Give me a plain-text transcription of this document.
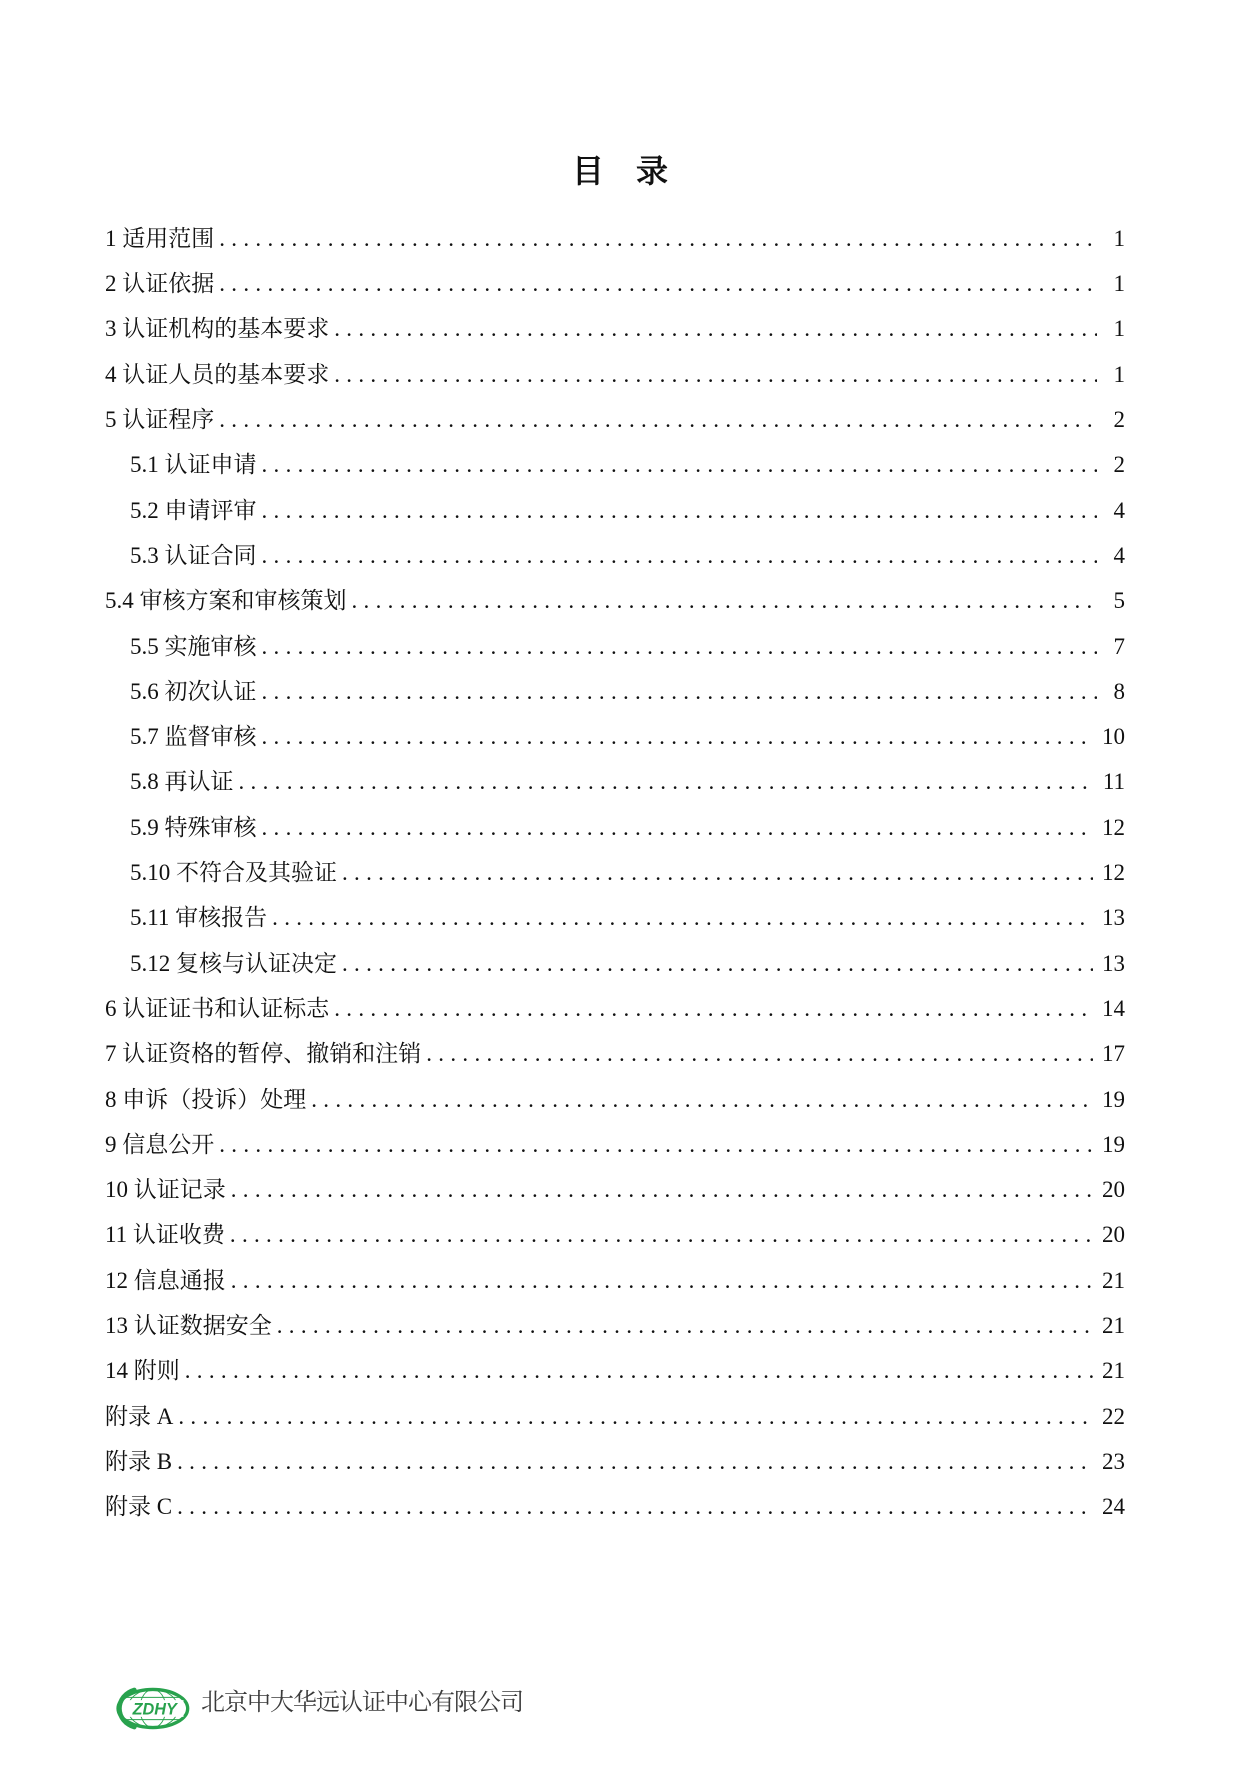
目　录
1 适用范围 .....	1
2 认证依据 .....	1
3 认证机构的基本要求 .....	1
4 认证人员的基本要求 .....	1
5 认证程序 .....	2
5.1 认证申请 .....	2
5.2 申请评审 .....	4
5.3 认证合同 .....	4
5.4 审核方案和审核策划 .....	5
5.5 实施审核 .....	7
5.6 初次认证 .....	8
5.7 监督审核 .....	10
5.8 再认证 .....	11
5.9 特殊审核 .....	12
5.10 不符合及其验证 .....	12
5.11 审核报告 .....	13
5.12 复核与认证决定 .....	13
6 认证证书和认证标志 .....	14
7 认证资格的暂停、撤销和注销 .....	17
8 申诉（投诉）处理 .....	19
9 信息公开 .....	19
10 认证记录 .....	20
11 认证收费 .....	20
12 信息通报 .....	21
13 认证数据安全 .....	21
14 附则 .....	21
附录 A .....	22
附录 B .....	23
附录 C .....	24
ZDHY 北京中大华远认证中心有限公司
